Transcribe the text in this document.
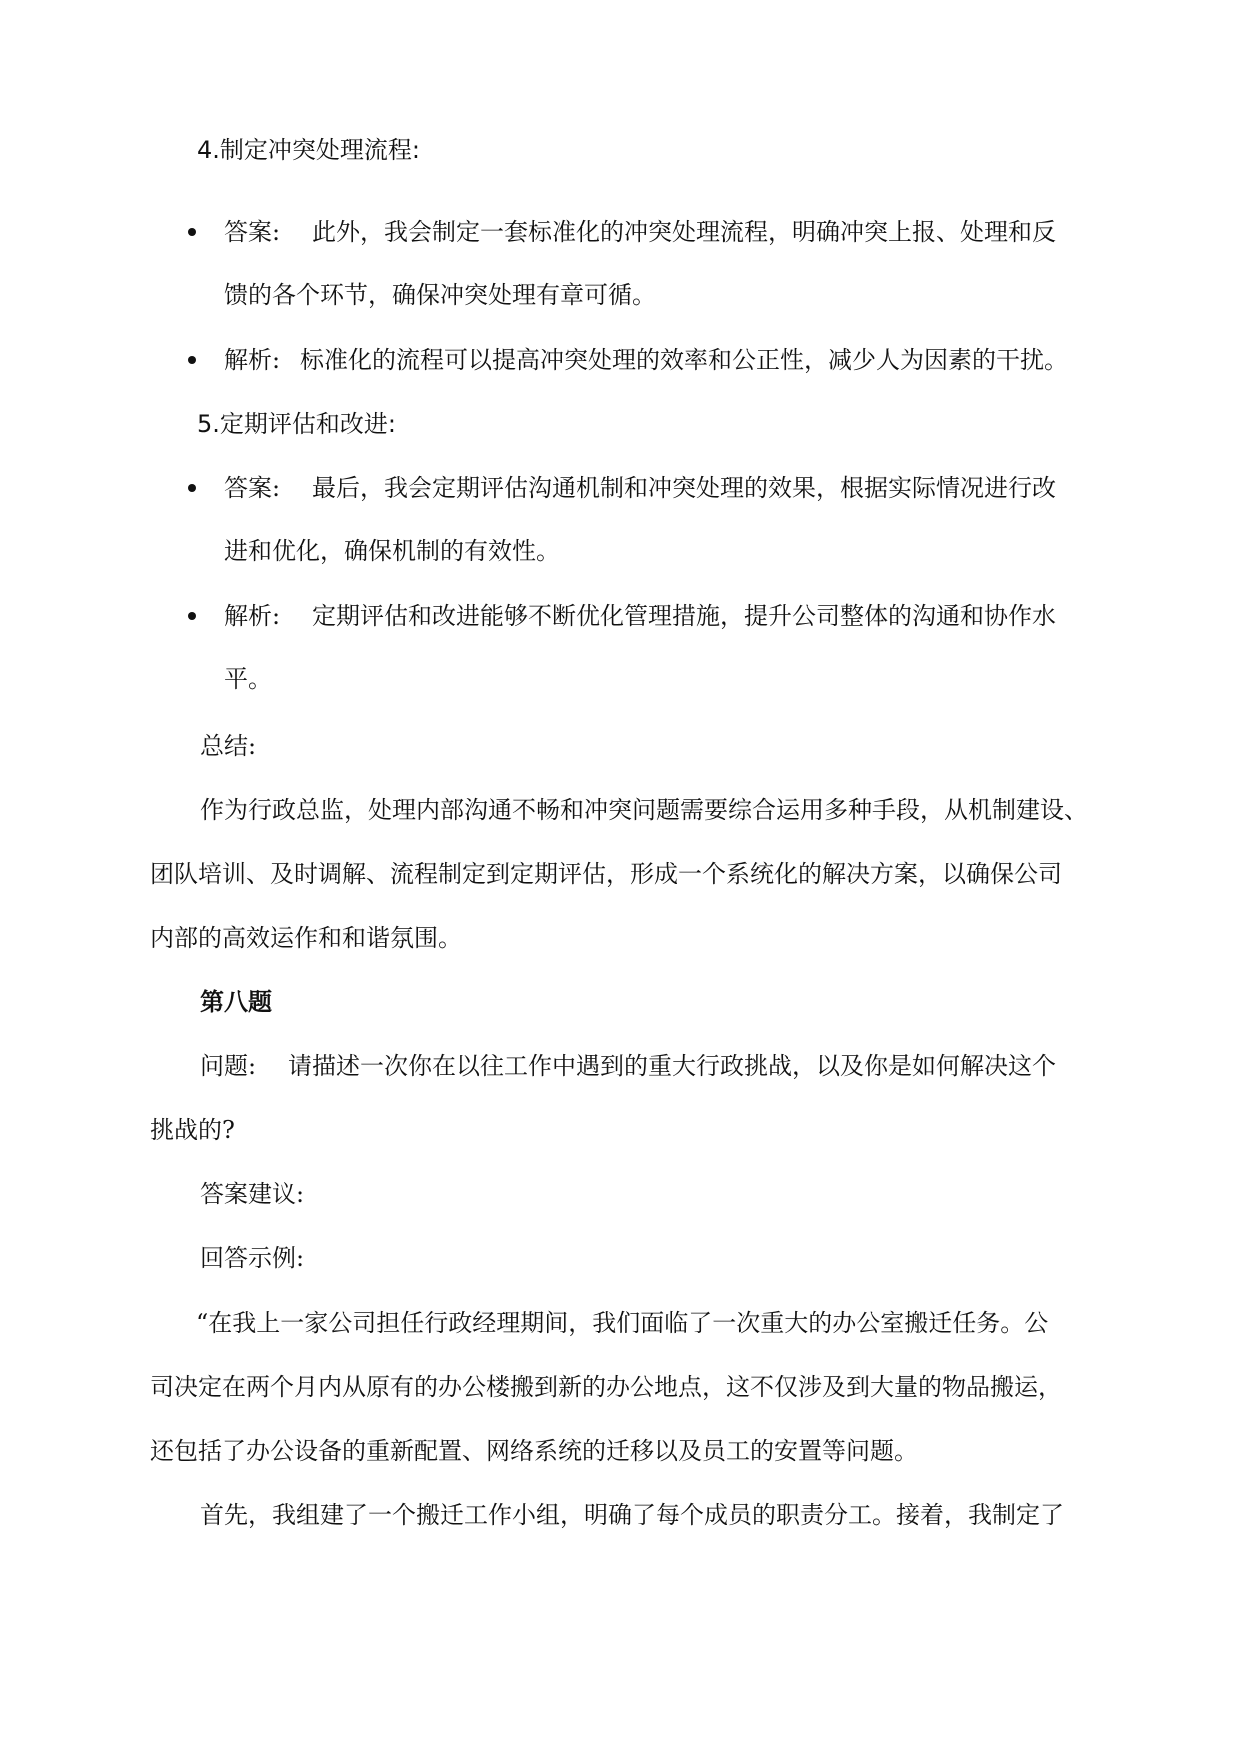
4.制定冲突处理流程:
答案: 此外，我会制定一套标准化的冲突处理流程，明确冲突上报、处理和反
馈的各个环节，确保冲突处理有章可循。
解析: 标准化的流程可以提高冲突处理的效率和公正性，减少人为因素的干扰。
5.定期评估和改进:
答案: 最后，我会定期评估沟通机制和冲突处理的效果，根据实际情况进行改
进和优化，确保机制的有效性。
解析: 定期评估和改进能够不断优化管理措施，提升公司整体的沟通和协作水
平。
总结:
作为行政总监，处理内部沟通不畅和冲突问题需要综合运用多种手段，从机制建设、
团队培训、及时调解、流程制定到定期评估，形成一个系统化的解决方案，以确保公司
内部的高效运作和和谐氛围。
第八题
问题: 请描述一次你在以往工作中遇到的重大行政挑战，以及你是如何解决这个
挑战的?
答案建议:
回答示例:
“在我上一家公司担任行政经理期间，我们面临了一次重大的办公室搬迁任务。公
司决定在两个月内从原有的办公楼搬到新的办公地点，这不仅涉及到大量的物品搬运，
还包括了办公设备的重新配置、网络系统的迁移以及员工的安置等问题。
首先，我组建了一个搬迁工作小组，明确了每个成员的职责分工。接着，我制定了
